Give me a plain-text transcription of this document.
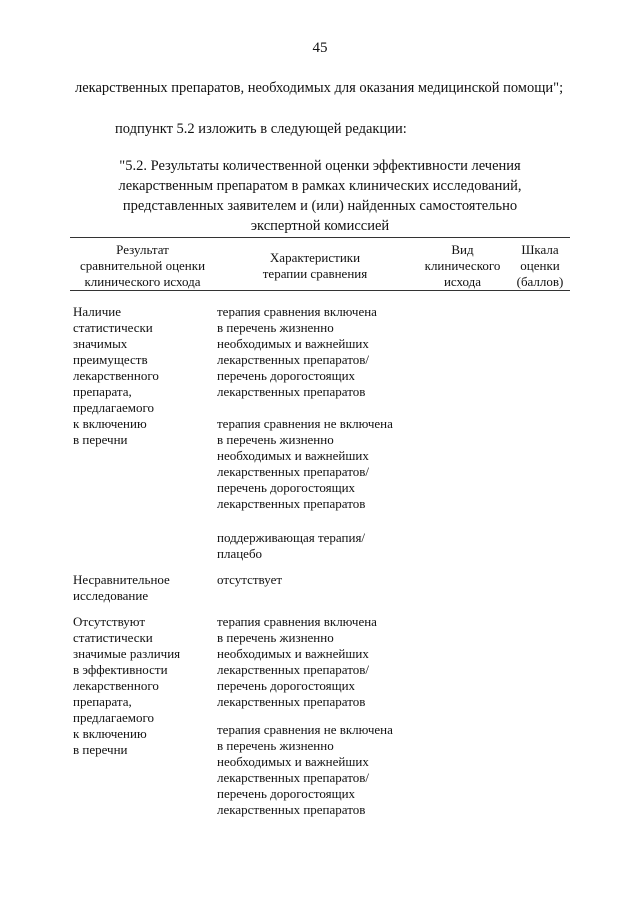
45
лекарственных препаратов, необходимых для оказания медицинской помощи";
подпункт 5.2 изложить в следующей редакции:
"5.2. Результаты количественной оценки эффективности лечения
лекарственным препаратом в рамках клинических исследований,
представленных заявителем и (или) найденных самостоятельно
экспертной комиссией
Результат
сравнительной оценки
клинического исхода
Характеристики
терапии сравнения
Вид
клинического
исхода
Шкала
оценки
(баллов)
Наличие
статистически
значимых
преимуществ
лекарственного
препарата,
предлагаемого
к включению
в перечни
терапия сравнения включена
в перечень жизненно
необходимых и важнейших
лекарственных препаратов/
перечень дорогостоящих
лекарственных препаратов
терапия сравнения не включена
в перечень жизненно
необходимых и важнейших
лекарственных препаратов/
перечень дорогостоящих
лекарственных препаратов
поддерживающая терапия/
плацебо
Несравнительное
исследование
отсутствует
Отсутствуют
статистически
значимые различия
в эффективности
лекарственного
препарата,
предлагаемого
к включению
в перечни
терапия сравнения включена
в перечень жизненно
необходимых и важнейших
лекарственных препаратов/
перечень дорогостоящих
лекарственных препаратов
терапия сравнения не включена
в перечень жизненно
необходимых и важнейших
лекарственных препаратов/
перечень дорогостоящих
лекарственных препаратов
